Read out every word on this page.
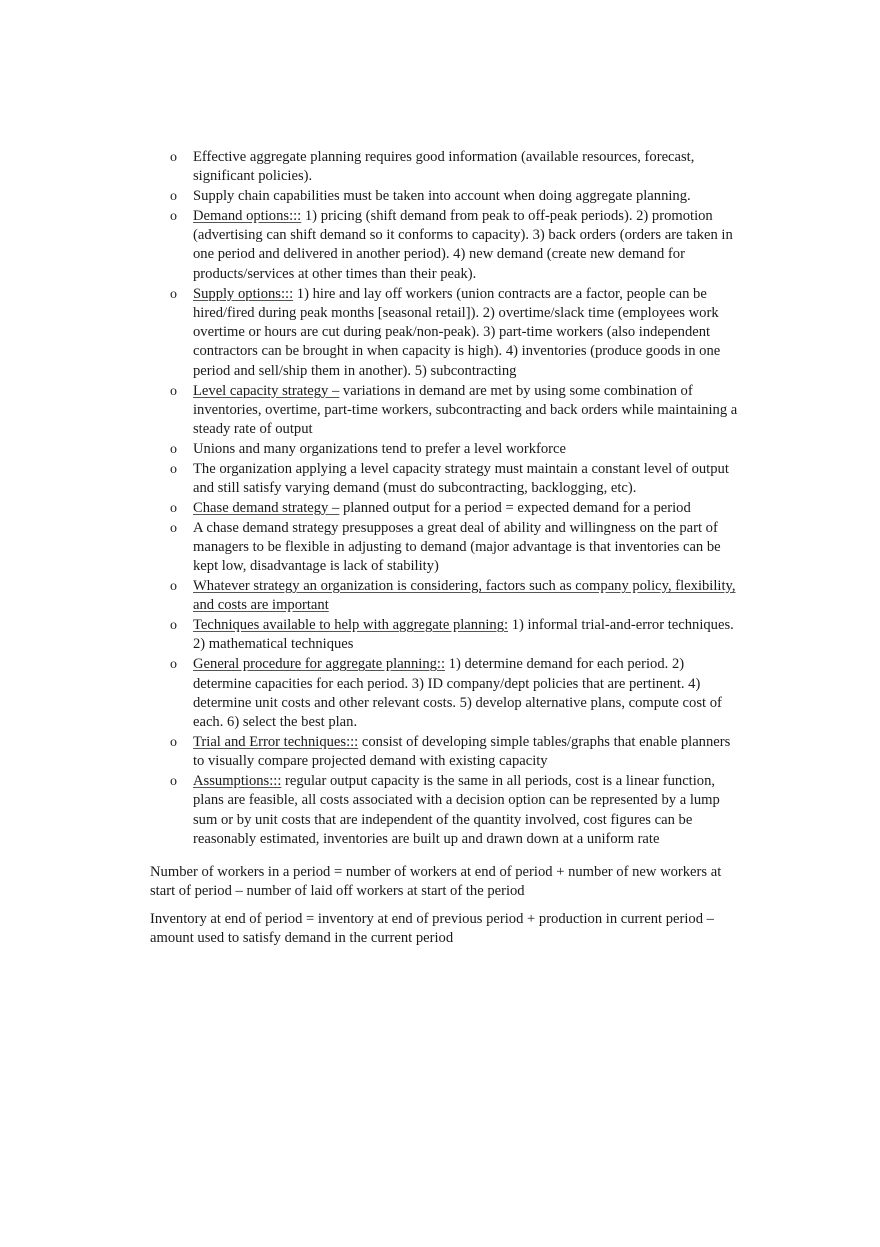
o Effective aggregate planning requires good information (available resources, forecast, significant policies).
o Supply chain capabilities must be taken into account when doing aggregate planning.
o Demand options::: 1) pricing (shift demand from peak to off-peak periods). 2) promotion (advertising can shift demand so it conforms to capacity). 3) back orders (orders are taken in one period and delivered in another period). 4) new demand (create new demand for products/services at other times than their peak).
o Supply options::: 1) hire and lay off workers (union contracts are a factor, people can be hired/fired during peak months [seasonal retail]). 2) overtime/slack time (employees work overtime or hours are cut during peak/non-peak). 3) part-time workers (also independent contractors can be brought in when capacity is high). 4) inventories (produce goods in one period and sell/ship them in another). 5) subcontracting
o Level capacity strategy – variations in demand are met by using some combination of inventories, overtime, part-time workers, subcontracting and back orders while maintaining a steady rate of output
o Unions and many organizations tend to prefer a level workforce
o The organization applying a level capacity strategy must maintain a constant level of output and still satisfy varying demand (must do subcontracting, backlogging, etc).
o Chase demand strategy – planned output for a period = expected demand for a period
o A chase demand strategy presupposes a great deal of ability and willingness on the part of managers to be flexible in adjusting to demand (major advantage is that inventories can be kept low, disadvantage is lack of stability)
o Whatever strategy an organization is considering, factors such as company policy, flexibility, and costs are important
o Techniques available to help with aggregate planning: 1) informal trial-and-error techniques. 2) mathematical techniques
o General procedure for aggregate planning:: 1) determine demand for each period. 2) determine capacities for each period. 3) ID company/dept policies that are pertinent. 4) determine unit costs and other relevant costs. 5) develop alternative plans, compute cost of each. 6) select the best plan.
o Trial and Error techniques::: consist of developing simple tables/graphs that enable planners to visually compare projected demand with existing capacity
o Assumptions::: regular output capacity is the same in all periods, cost is a linear function, plans are feasible, all costs associated with a decision option can be represented by a lump sum or by unit costs that are independent of the quantity involved, cost figures can be reasonably estimated, inventories are built up and drawn down at a uniform rate

Number of workers in a period = number of workers at end of period + number of new workers at start of period – number of laid off workers at start of the period

Inventory at end of period = inventory at end of previous period + production in current period – amount used to satisfy demand in the current period
